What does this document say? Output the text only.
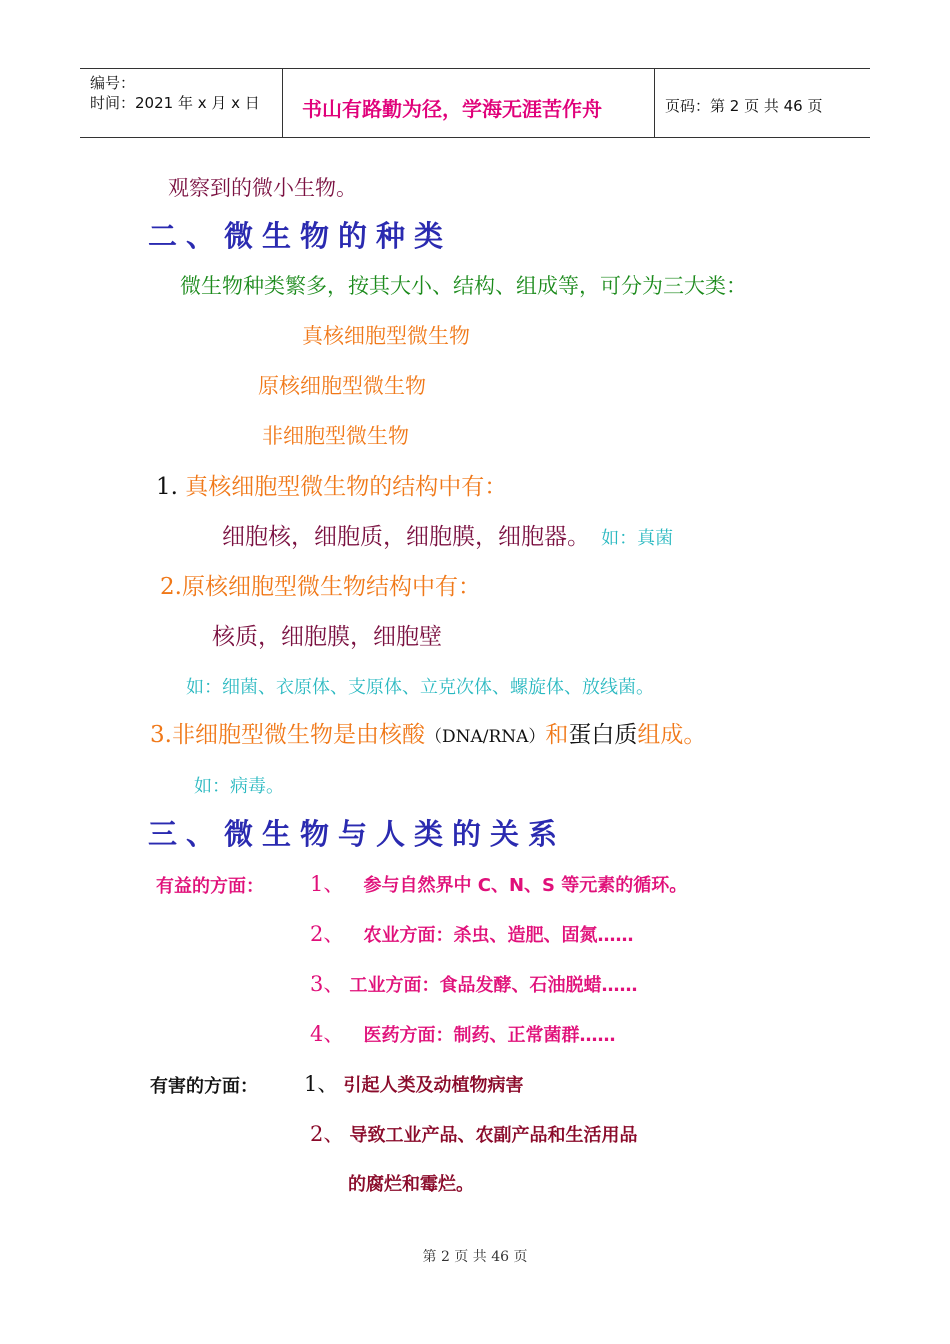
编号：
时间：2021 年 x 月 x 日 书山有路勤为径，学海无涯苦作舟	页码：第 2 页 共 46 页
观察到的微小生物。
二、微生物的种类
微生物种类繁多，按其大小、结构、组成等，可分为三大类：
真核细胞型微生物
原核细胞型微生物
非细胞型微生物
1. 真核细胞型微生物的结构中有：
细胞核，细胞质，细胞膜，细胞器。 如：真菌
2.原核细胞型微生物结构中有：
核质，细胞膜，细胞壁
如：细菌、衣原体、支原体、立克次体、螺旋体、放线菌。
3.非细胞型微生物是由核酸（DNA/RNA）和蛋白质组成。
如：病毒。
三、微生物与人类的关系
有益的方面： 1、 参与自然界中 C、N、S 等元素的循环。
2、 农业方面：杀虫、造肥、固氮……
3、 工业方面：食品发酵、石油脱蜡……
4、 医药方面：制药、正常菌群……
有害的方面： 1、 引起人类及动植物病害
2、 导致工业产品、农副产品和生活用品
的腐烂和霉烂。
第 2 页 共 46 页
